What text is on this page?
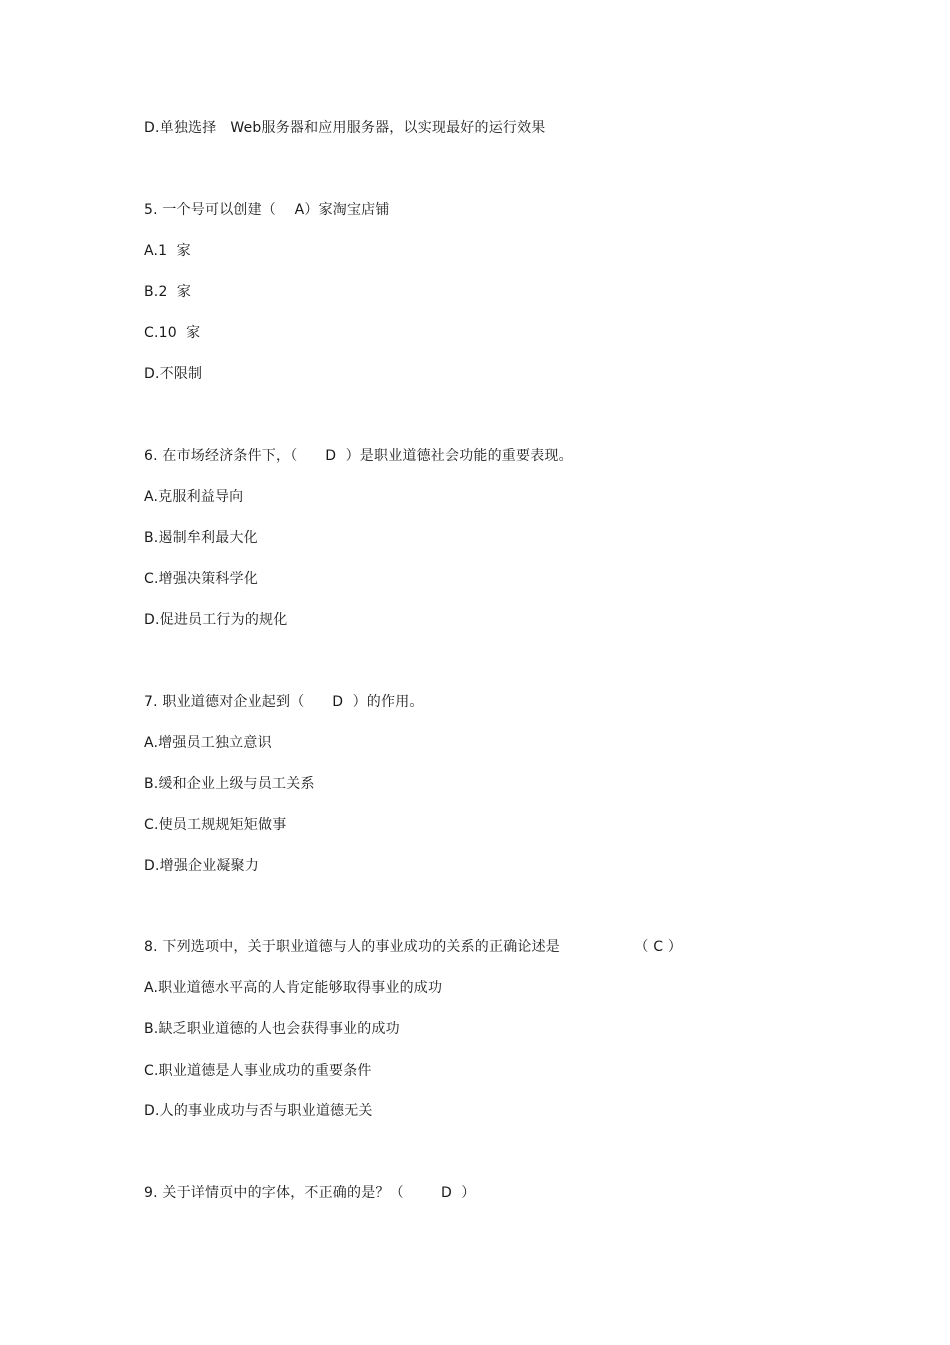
D.单独选择   Web服务器和应用服务器，以实现最好的运行效果
5. 一个号可以创建（    A）家淘宝店铺
A.1  家
B.2  家
C.10  家
D.不限制
6. 在市场经济条件下，（      D  ）是职业道德社会功能的重要表现。
A.克服利益导向
B.遏制牟利最大化
C.增强决策科学化
D.促进员工行为的规化
7. 职业道德对企业起到（      D  ）的作用。
A.增强员工独立意识
B.缓和企业上级与员工关系
C.使员工规规矩矩做事
D.增强企业凝聚力
8. 下列选项中，关于职业道德与人的事业成功的关系的正确论述是                （ C ）
A.职业道德水平高的人肯定能够取得事业的成功
B.缺乏职业道德的人也会获得事业的成功
C.职业道德是人事业成功的重要条件
D.人的事业成功与否与职业道德无关
9. 关于详情页中的字体，不正确的是？（        D  ）
